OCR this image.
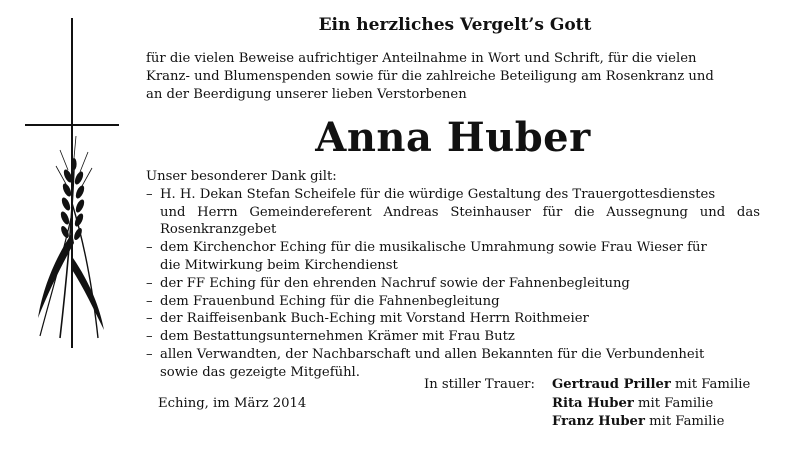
Ein herzliches Vergelt’s Gott
für die vielen Beweise aufrichtiger Anteilnahme in Wort und Schrift, für die vielen
Kranz- und Blumenspenden sowie für die zahlreiche Beteiligung am Rosenkranz und
an der Beerdigung unserer lieben Verstorbenen
Anna Huber
Unser besonderer Dank gilt:
– H. H. Dekan Stefan Scheifele für die würdige Gestaltung des Trauergottesdienstes
und Herrn Gemeindereferent Andreas Steinhauser für die Aussegnung und das
Rosenkranzgebet
– dem Kirchenchor Eching für die musikalische Umrahmung sowie Frau Wieser für
die Mitwirkung beim Kirchendienst
– der FF Eching für den ehrenden Nachruf sowie der Fahnenbegleitung
– dem Frauenbund Eching für die Fahnenbegleitung
– der Raiffeisenbank Buch-Eching mit Vorstand Herrn Roithmeier
– dem Bestattungsunternehmen Krämer mit Frau Butz
– allen Verwandten, der Nachbarschaft und allen Bekannten für die Verbundenheit
sowie das gezeigte Mitgefühl.
In stiller Trauer:
Eching, im März 2014
Gertraud Priller mit Familie
Rita Huber mit Familie
Franz Huber mit Familie
